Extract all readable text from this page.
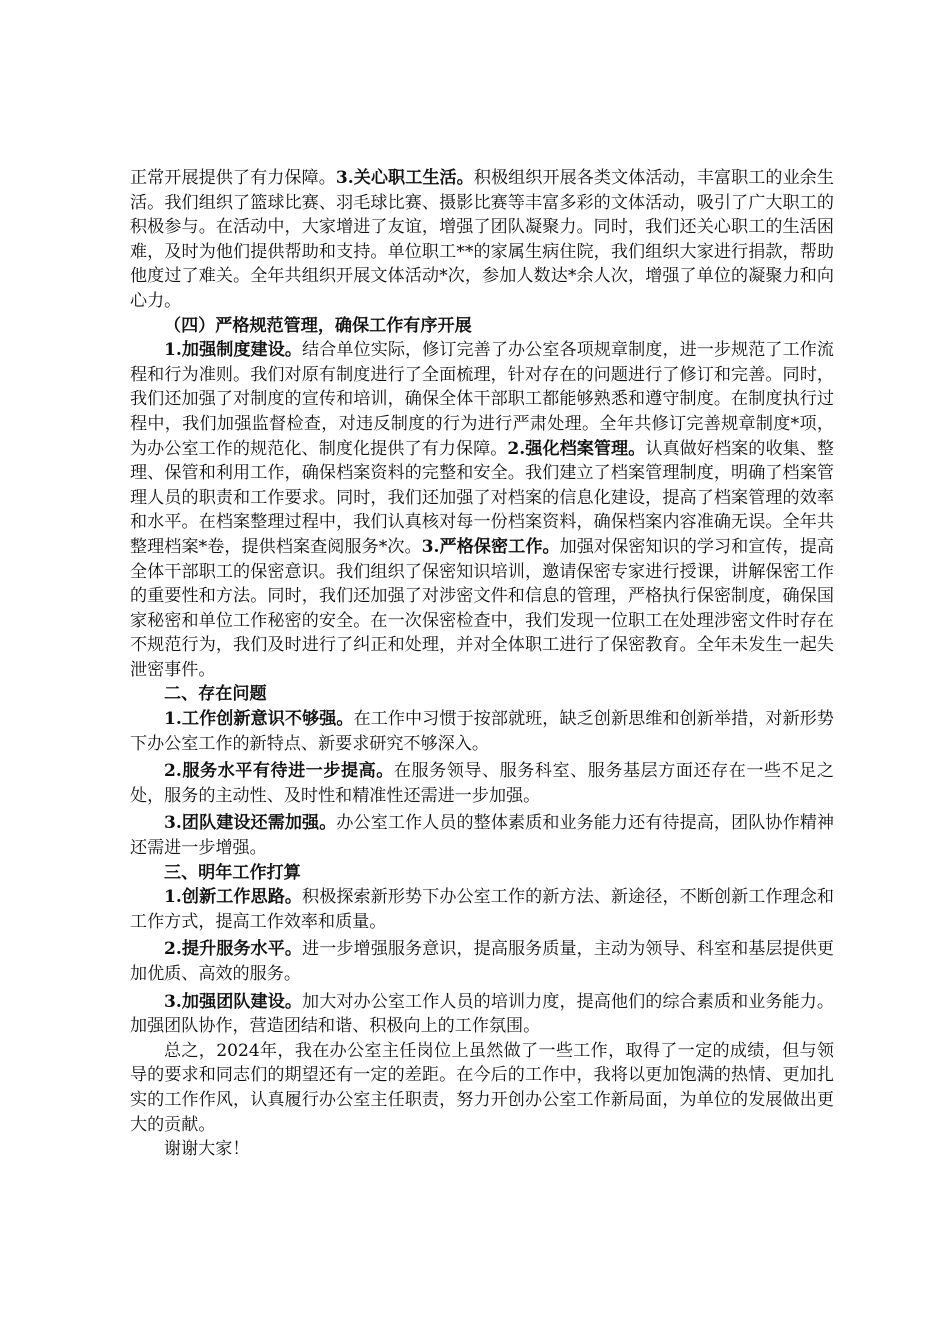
正常开展提供了有力保障。3.关心职工生活。积极组织开展各类文体活动，丰富职工的业余生活。我们组织了篮球比赛、羽毛球比赛、摄影比赛等丰富多彩的文体活动，吸引了广大职工的积极参与。在活动中，大家增进了友谊，增强了团队凝聚力。同时，我们还关心职工的生活困难，及时为他们提供帮助和支持。单位职工**的家属生病住院，我们组织大家进行捐款，帮助他度过了难关。全年共组织开展文体活动*次，参加人数达*余人次，增强了单位的凝聚力和向心力。

（四）严格规范管理，确保工作有序开展

1.加强制度建设。结合单位实际，修订完善了办公室各项规章制度，进一步规范了工作流程和行为准则。我们对原有制度进行了全面梳理，针对存在的问题进行了修订和完善。同时，我们还加强了对制度的宣传和培训，确保全体干部职工都能够熟悉和遵守制度。在制度执行过程中，我们加强监督检查，对违反制度的行为进行严肃处理。全年共修订完善规章制度*项，为办公室工作的规范化、制度化提供了有力保障。2.强化档案管理。认真做好档案的收集、整理、保管和利用工作，确保档案资料的完整和安全。我们建立了档案管理制度，明确了档案管理人员的职责和工作要求。同时，我们还加强了对档案的信息化建设，提高了档案管理的效率和水平。在档案整理过程中，我们认真核对每一份档案资料，确保档案内容准确无误。全年共整理档案*卷，提供档案查阅服务*次。3.严格保密工作。加强对保密知识的学习和宣传，提高全体干部职工的保密意识。我们组织了保密知识培训，邀请保密专家进行授课，讲解保密工作的重要性和方法。同时，我们还加强了对涉密文件和信息的管理，严格执行保密制度，确保国家秘密和单位工作秘密的安全。在一次保密检查中，我们发现一位职工在处理涉密文件时存在不规范行为，我们及时进行了纠正和处理，并对全体职工进行了保密教育。全年未发生一起失泄密事件。

二、存在问题

1.工作创新意识不够强。在工作中习惯于按部就班，缺乏创新思维和创新举措，对新形势下办公室工作的新特点、新要求研究不够深入。

2.服务水平有待进一步提高。在服务领导、服务科室、服务基层方面还存在一些不足之处，服务的主动性、及时性和精准性还需进一步加强。

3.团队建设还需加强。办公室工作人员的整体素质和业务能力还有待提高，团队协作精神还需进一步增强。

三、明年工作打算

1.创新工作思路。积极探索新形势下办公室工作的新方法、新途径，不断创新工作理念和工作方式，提高工作效率和质量。

2.提升服务水平。进一步增强服务意识，提高服务质量，主动为领导、科室和基层提供更加优质、高效的服务。

3.加强团队建设。加大对办公室工作人员的培训力度，提高他们的综合素质和业务能力。加强团队协作，营造团结和谐、积极向上的工作氛围。

总之，2024年，我在办公室主任岗位上虽然做了一些工作，取得了一定的成绩，但与领导的要求和同志们的期望还有一定的差距。在今后的工作中，我将以更加饱满的热情、更加扎实的工作作风，认真履行办公室主任职责，努力开创办公室工作新局面，为单位的发展做出更大的贡献。

谢谢大家！
